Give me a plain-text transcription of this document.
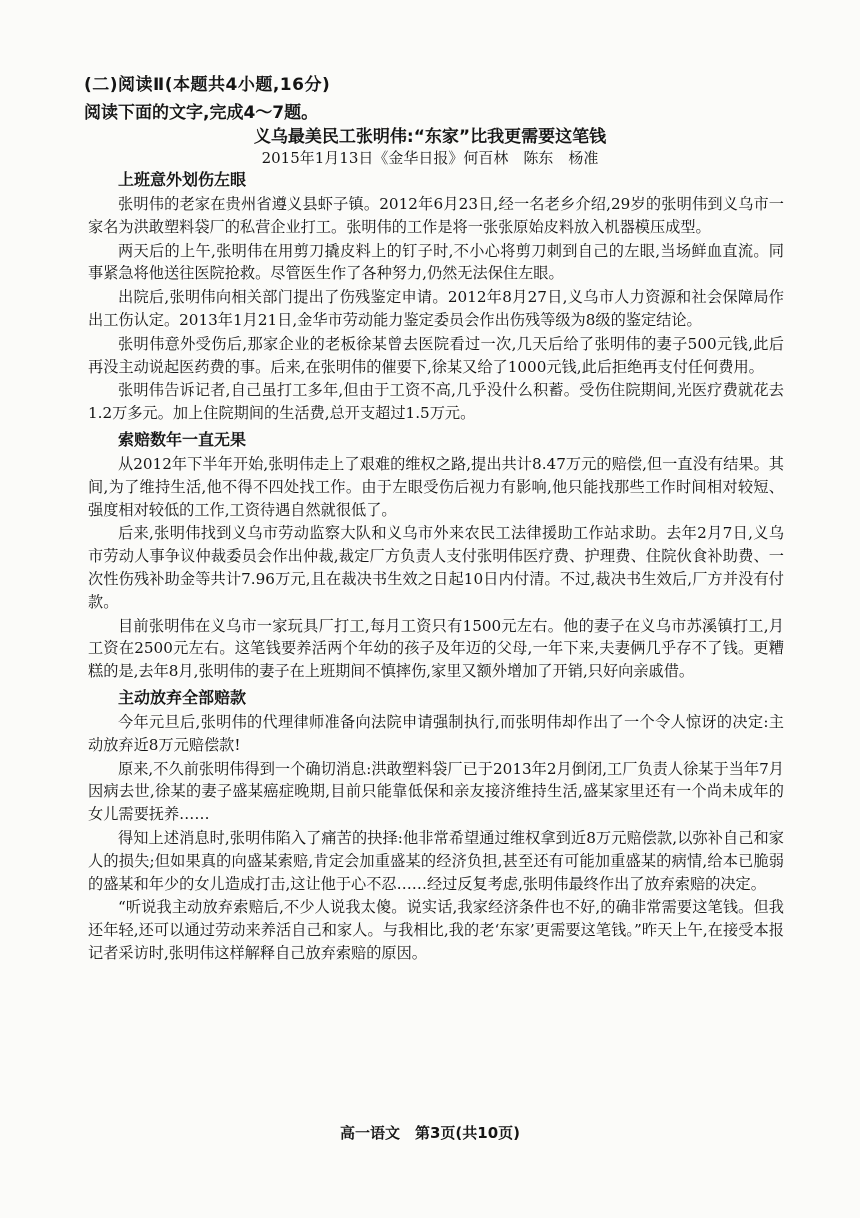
(二)阅读Ⅱ(本题共4小题,16分)
阅读下面的文字,完成4～7题。
义乌最美民工张明伟:“东家”比我更需要这笔钱
2015年1月13日《金华日报》何百林　陈东　杨准
上班意外划伤左眼

张明伟的老家在贵州省遵义县虾子镇。2012年6月23日,经一名老乡介绍,29岁的张明伟到义乌市一家名为洪敢塑料袋厂的私营企业打工。张明伟的工作是将一张张原始皮料放入机器模压成型。

两天后的上午,张明伟在用剪刀撬皮料上的钉子时,不小心将剪刀刺到自己的左眼,当场鲜血直流。同事紧急将他送往医院抢救。尽管医生作了各种努力,仍然无法保住左眼。

出院后,张明伟向相关部门提出了伤残鉴定申请。2012年8月27日,义乌市人力资源和社会保障局作出工伤认定。2013年1月21日,金华市劳动能力鉴定委员会作出伤残等级为8级的鉴定结论。

张明伟意外受伤后,那家企业的老板徐某曾去医院看过一次,几天后给了张明伟的妻子500元钱,此后再没主动说起医药费的事。后来,在张明伟的催要下,徐某又给了1000元钱,此后拒绝再支付任何费用。

张明伟告诉记者,自己虽打工多年,但由于工资不高,几乎没什么积蓄。受伤住院期间,光医疗费就花去1.2万多元。加上住院期间的生活费,总开支超过1.5万元。

索赔数年一直无果

从2012年下半年开始,张明伟走上了艰难的维权之路,提出共计8.47万元的赔偿,但一直没有结果。其间,为了维持生活,他不得不四处找工作。由于左眼受伤后视力有影响,他只能找那些工作时间相对较短、强度相对较低的工作,工资待遇自然就很低了。

后来,张明伟找到义乌市劳动监察大队和义乌市外来农民工法律援助工作站求助。去年2月7日,义乌市劳动人事争议仲裁委员会作出仲裁,裁定厂方负责人支付张明伟医疗费、护理费、住院伙食补助费、一次性伤残补助金等共计7.96万元,且在裁决书生效之日起10日内付清。不过,裁决书生效后,厂方并没有付款。

目前张明伟在义乌市一家玩具厂打工,每月工资只有1500元左右。他的妻子在义乌市苏溪镇打工,月工资在2500元左右。这笔钱要养活两个年幼的孩子及年迈的父母,一年下来,夫妻俩几乎存不了钱。更糟糕的是,去年8月,张明伟的妻子在上班期间不慎摔伤,家里又额外增加了开销,只好向亲戚借。

主动放弃全部赔款

今年元旦后,张明伟的代理律师准备向法院申请强制执行,而张明伟却作出了一个令人惊讶的决定:主动放弃近8万元赔偿款!

原来,不久前张明伟得到一个确切消息:洪敢塑料袋厂已于2013年2月倒闭,工厂负责人徐某于当年7月因病去世,徐某的妻子盛某癌症晚期,目前只能靠低保和亲友接济维持生活,盛某家里还有一个尚未成年的女儿需要抚养……

得知上述消息时,张明伟陷入了痛苦的抉择:他非常希望通过维权拿到近8万元赔偿款,以弥补自己和家人的损失;但如果真的向盛某索赔,肯定会加重盛某的经济负担,甚至还有可能加重盛某的病情,给本已脆弱的盛某和年少的女儿造成打击,这让他于心不忍……经过反复考虑,张明伟最终作出了放弃索赔的决定。

“听说我主动放弃索赔后,不少人说我太傻。说实话,我家经济条件也不好,的确非常需要这笔钱。但我还年轻,还可以通过劳动来养活自己和家人。与我相比,我的老‘东家’更需要这笔钱。”昨天上午,在接受本报记者采访时,张明伟这样解释自己放弃索赔的原因。

高一语文　第3页(共10页)
